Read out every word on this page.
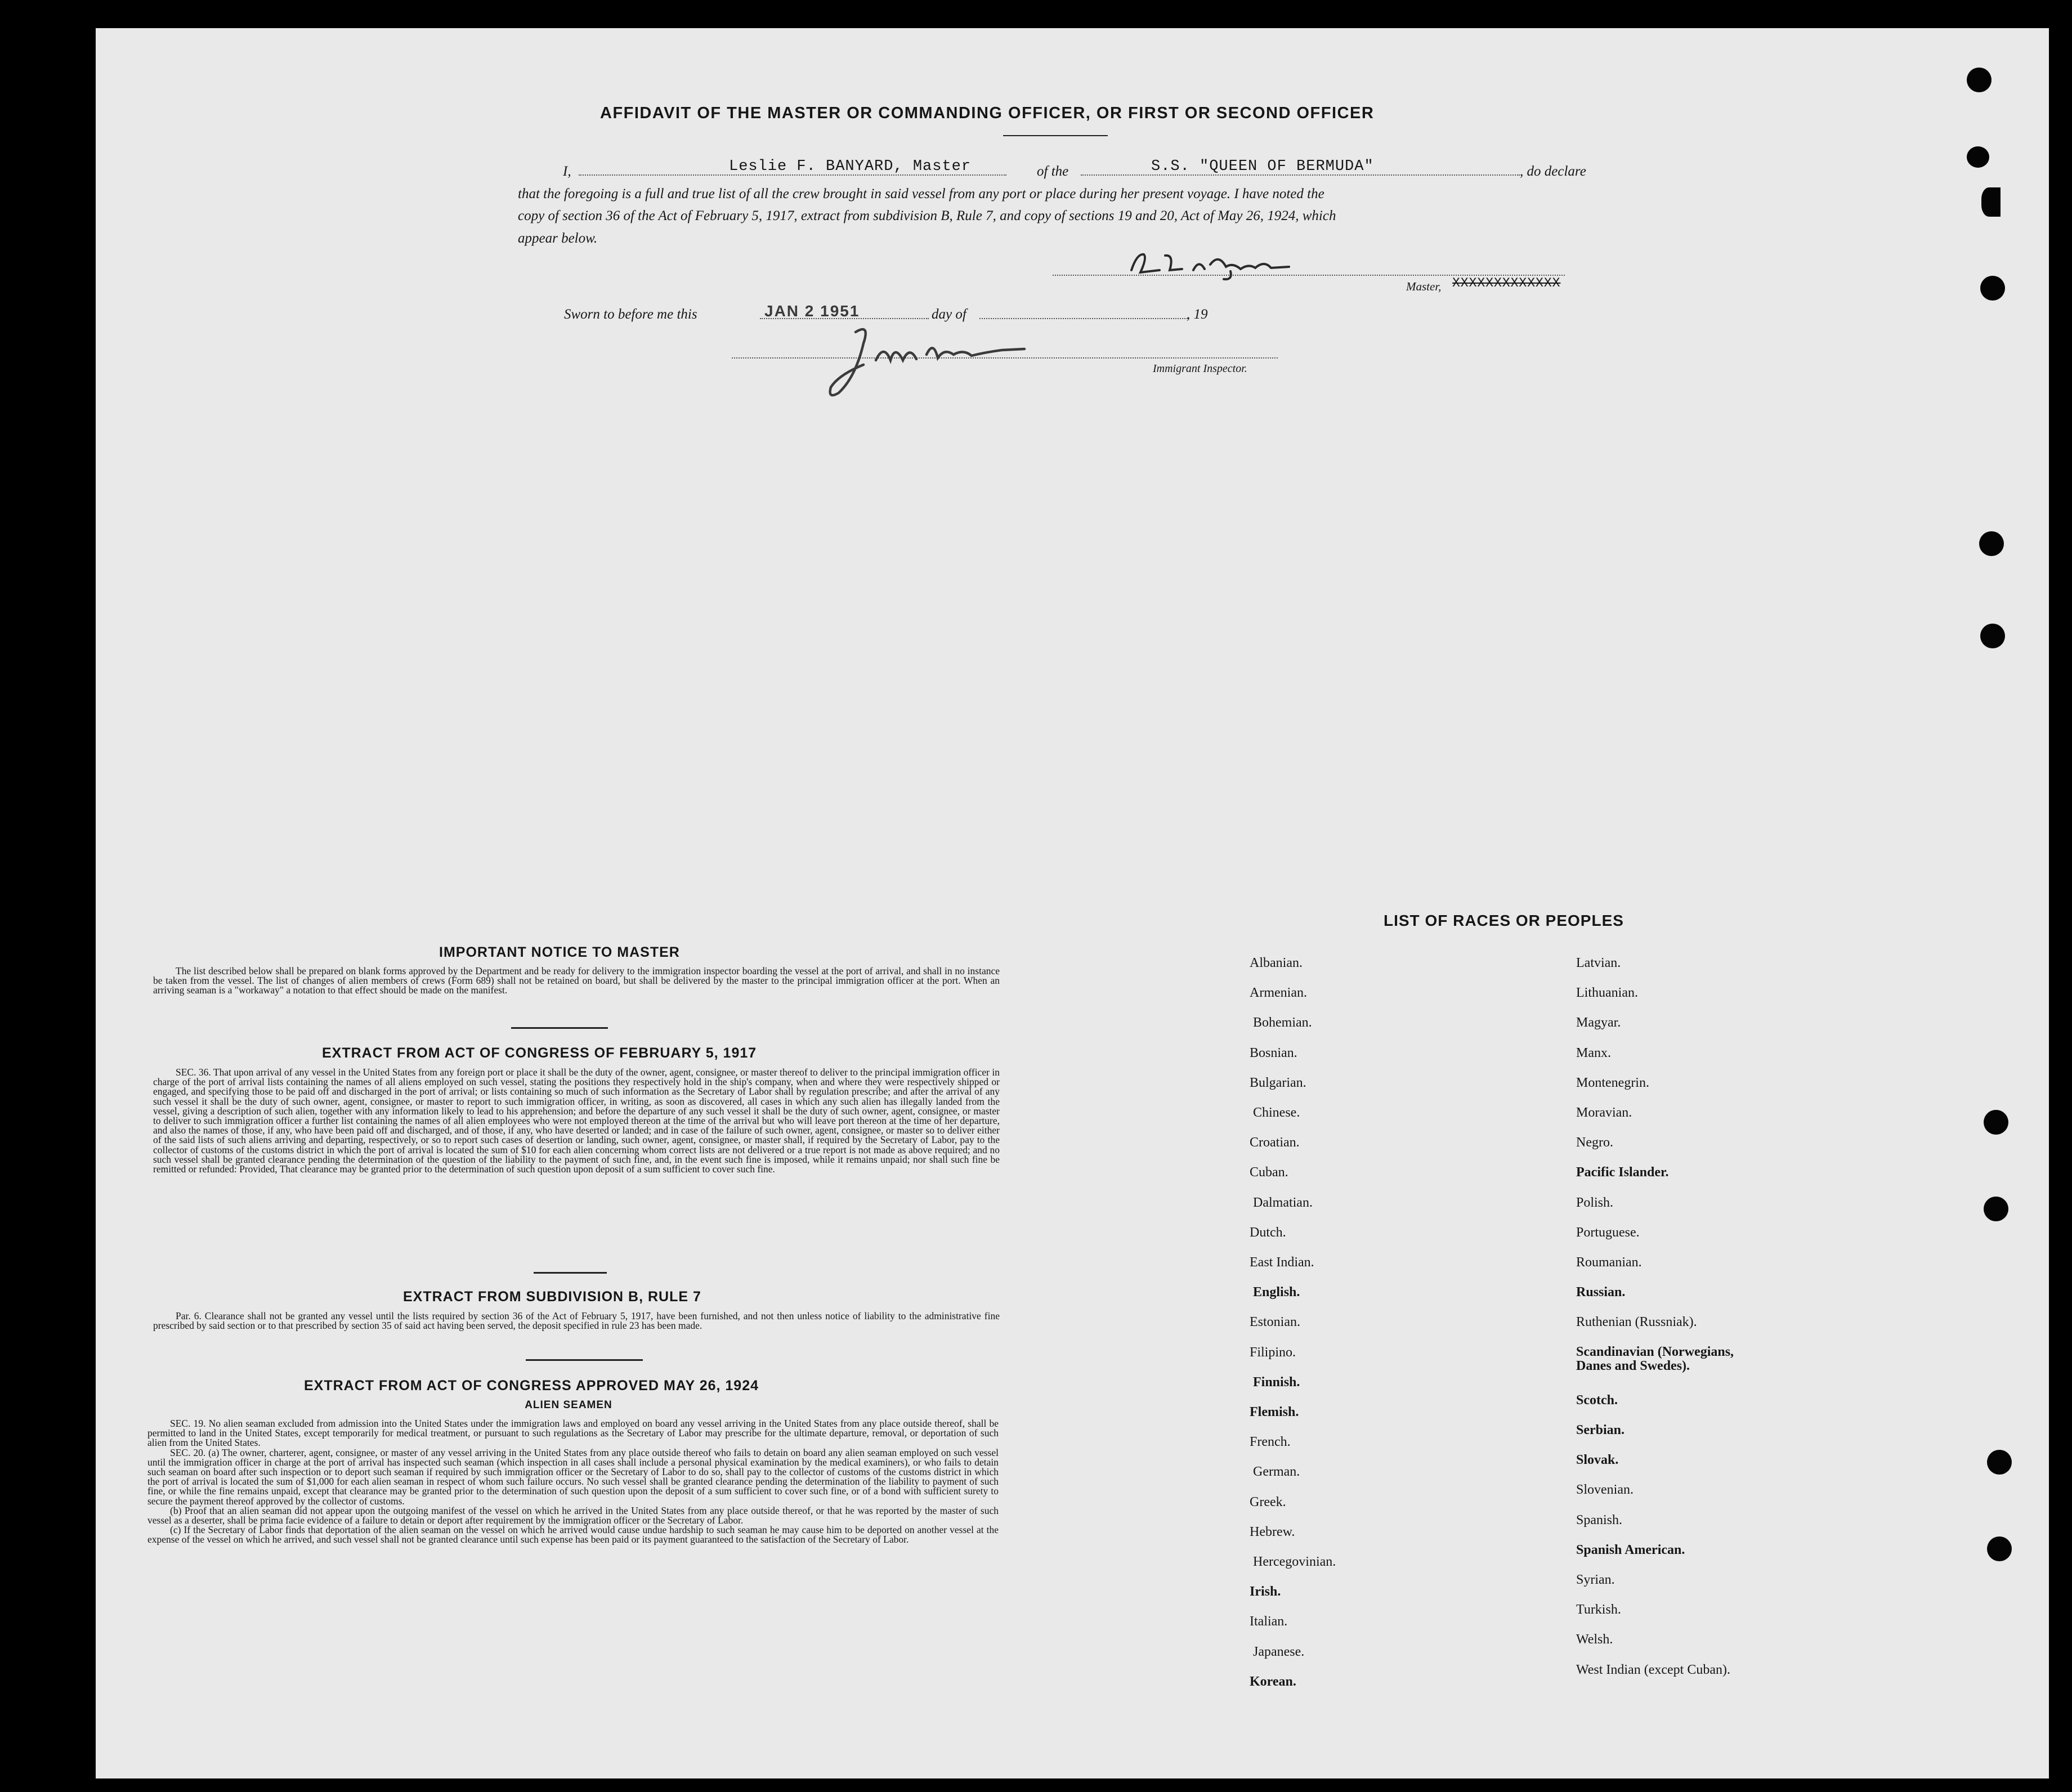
AFFIDAVIT OF THE MASTER OR COMMANDING OFFICER, OR FIRST OR SECOND OFFICER
I,	Leslie F. BANYARD, Master	of the	S.S. "QUEEN OF BERMUDA"	, do declare
that the foregoing is a full and true list of all the crew brought in said vessel from any port or place during her present voyage. I have noted the
copy of section 36 of the Act of February 5, 1917, extract from subdivision B, Rule 7, and copy of sections 19 and 20, Act of May 26, 1924, which
appear below.
Master, XXXXXXXXXXXXX
Sworn to before me this	JAN 2 1951	day of	, 19
Immigrant Inspector.
IMPORTANT NOTICE TO MASTER

The list described below shall be prepared on blank forms approved by the Department and be ready for delivery to the immigration inspector boarding the vessel at the port of arrival, and shall in no instance be taken from the vessel. The list of changes of alien members of crews (Form 689) shall not be retained on board, but shall be delivered by the master to the principal immigration officer at the port. When an arriving seaman is a "workaway" a notation to that effect should be made on the manifest.

EXTRACT FROM ACT OF CONGRESS OF FEBRUARY 5, 1917

SEC. 36. That upon arrival of any vessel in the United States from any foreign port or place it shall be the duty of the owner, agent, consignee, or master thereof to deliver to the principal immigration officer in charge of the port of arrival lists containing the names of all aliens employed on such vessel, stating the positions they respectively hold in the ship's company, when and where they were respectively shipped or engaged, and specifying those to be paid off and discharged in the port of arrival; or lists containing so much of such information as the Secretary of Labor shall by regulation prescribe; and after the arrival of any such vessel it shall be the duty of such owner, agent, consignee, or master to report to such immigration officer, in writing, as soon as discovered, all cases in which any such alien has illegally landed from the vessel, giving a description of such alien, together with any information likely to lead to his apprehension; and before the departure of any such vessel it shall be the duty of such owner, agent, consignee, or master to deliver to such immigration officer a further list containing the names of all alien employees who were not employed thereon at the time of the arrival but who will leave port thereon at the time of her departure, and also the names of those, if any, who have been paid off and discharged, and of those, if any, who have deserted or landed; and in case of the failure of such owner, agent, consignee, or master so to deliver either of the said lists of such aliens arriving and departing, respectively, or so to report such cases of desertion or landing, such owner, agent, consignee, or master shall, if required by the Secretary of Labor, pay to the collector of customs of the customs district in which the port of arrival is located the sum of $10 for each alien concerning whom correct lists are not delivered or a true report is not made as above required; and no such vessel shall be granted clearance pending the determination of the question of the liability to the payment of such fine, and, in the event such fine is imposed, while it remains unpaid; nor shall such fine be remitted or refunded: Provided, That clearance may be granted prior to the determination of such question upon deposit of a sum sufficient to cover such fine.

EXTRACT FROM SUBDIVISION B, RULE 7

Par. 6. Clearance shall not be granted any vessel until the lists required by section 36 of the Act of February 5, 1917, have been furnished, and not then unless notice of liability to the administrative fine prescribed by said section or to that prescribed by section 35 of said act having been served, the deposit specified in rule 23 has been made.

EXTRACT FROM ACT OF CONGRESS APPROVED MAY 26, 1924
ALIEN SEAMEN

SEC. 19. No alien seaman excluded from admission into the United States under the immigration laws and employed on board any vessel arriving in the United States from any place outside thereof, shall be permitted to land in the United States, except temporarily for medical treatment, or pursuant to such regulations as the Secretary of Labor may prescribe for the ultimate departure, removal, or deportation of such alien from the United States.

SEC. 20. (a) The owner, charterer, agent, consignee, or master of any vessel arriving in the United States from any place outside thereof who fails to detain on board any alien seaman employed on such vessel until the immigration officer in charge at the port of arrival has inspected such seaman (which inspection in all cases shall include a personal physical examination by the medical examiners), or who fails to detain such seaman on board after such inspection or to deport such seaman if required by such immigration officer or the Secretary of Labor to do so, shall pay to the collector of customs of the customs district in which the port of arrival is located the sum of $1,000 for each alien seaman in respect of whom such failure occurs. No such vessel shall be granted clearance pending the determination of the liability to payment of such fine, or while the fine remains unpaid, except that clearance may be granted prior to the determination of such question upon the deposit of a sum sufficient to cover such fine, or of a bond with sufficient surety to secure the payment thereof approved by the collector of customs.

(b) Proof that an alien seaman did not appear upon the outgoing manifest of the vessel on which he arrived in the United States from any place outside thereof, or that he was reported by the master of such vessel as a deserter, shall be prima facie evidence of a failure to detain or deport after requirement by the immigration officer or the Secretary of Labor.

(c) If the Secretary of Labor finds that deportation of the alien seaman on the vessel on which he arrived would cause undue hardship to such seaman he may cause him to be deported on another vessel at the expense of the vessel on which he arrived, and such vessel shall not be granted clearance until such expense has been paid or its payment guaranteed to the satisfaction of the Secretary of Labor.

LIST OF RACES OR PEOPLES
Albanian.
Armenian.
Bohemian.
Bosnian.
Bulgarian.
Chinese.
Croatian.
Cuban.
Dalmatian.
Dutch.
East Indian.
English.
Estonian.
Filipino.
Finnish.
Flemish.
French.
German.
Greek.
Hebrew.
Hercegovinian.
Irish.
Italian.
Japanese.
Korean.
Latvian.
Lithuanian.
Magyar.
Manx.
Montenegrin.
Moravian.
Negro.
Pacific Islander.
Polish.
Portuguese.
Roumanian.
Russian.
Ruthenian (Russniak).
Scandinavian (Norwegians, Danes and Swedes).
Scotch.
Serbian.
Slovak.
Slovenian.
Spanish.
Spanish American.
Syrian.
Turkish.
Welsh.
West Indian (except Cuban).
